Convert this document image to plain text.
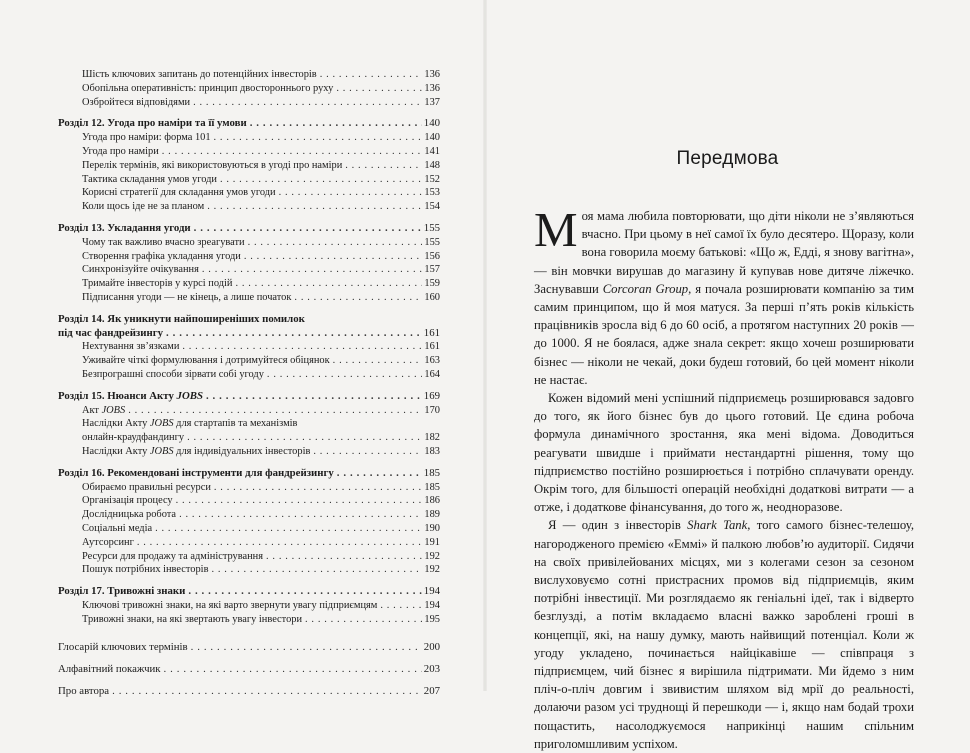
Шість ключових запитань до потенційних інвесторів . . .	136
Обопільна оперативність: принцип двостороннього руху . . .	136
Озбройтеся відповідями . . .	137
Розділ 12. Угода про наміри та її умови . . .	140
Угода про наміри: форма 101 . . .	140
Угода про наміри . . .	141
Перелік термінів, які використовуються в угоді про наміри . . .	148
Тактика складання умов угоди . . .	152
Корисні стратегії для складання умов угоди . . .	153
Коли щось іде не за планом . . .	154
Розділ 13. Укладання угоди . . .	155
Чому так важливо вчасно зреагувати . . .	155
Створення графіка укладання угоди . . .	156
Синхронізуйте очікування . . .	157
Тримайте інвесторів у курсі подій . . .	159
Підписання угоди — не кінець, а лише початок . . .	160
Розділ 14. Як уникнути найпоширеніших помилок
під час фандрейзингу . . .	161
Нехтування зв’язками . . .	161
Уживайте чіткі формулювання і дотримуйтеся обіцянок . . .	163
Безпрограшні способи зірвати собі угоду . . .	164
Розділ 15. Нюанси Акту JOBS . . .	169
Акт JOBS . . .	170
Наслідки Акту JOBS для стартапів та механізмів
онлайн-краудфандингу . . .	182
Наслідки Акту JOBS для індивідуальних інвесторів . . .	183
Розділ 16. Рекомендовані інструменти для фандрейзингу . . .	185
Обираємо правильні ресурси . . .	185
Організація процесу . . .	186
Дослідницька робота . . .	189
Соціальні медіа . . .	190
Аутсорсинг . . .	191
Ресурси для продажу та адміністрування . . .	192
Пошук потрібних інвесторів . . .	192
Розділ 17. Тривожні знаки . . .	194
Ключові тривожні знаки, на які варто звернути увагу підприємцям . . .	194
Тривожні знаки, на які звертають увагу інвестори . . .	195
Глосарій ключових термінів . . .	200
Алфавітний покажчик . . .	203
Про автора . . .	207
Передмова

Моя мама любила повторювати, що діти ніколи не з’являються вчасно. При цьому в неї самої їх було десятеро. Щоразу, коли вона говорила моєму батькові: «Що ж, Едді, я знову вагітна»,— він мовчки вирушав до магазину й купував нове дитяче ліжечко. Заснувавши Corcoran Group, я почала розширювати компанію за тим самим принципом, що й моя матуся. За перші п’ять років кількість працівників зросла від 6 до 60 осіб, а протягом наступних 20 років — до 1000. Я не боялася, адже знала секрет: якщо хочеш розширювати бізнес — ніколи не чекай, доки будеш готовий, бо цей момент ніколи не настає.

Кожен відомий мені успішний підприємець розширювався задовго до того, як його бізнес був до цього готовий. Це єдина робоча формула динамічного зростання, яка мені відома. Доводиться реагувати швидше і приймати нестандартні рішення, тому що підприємство постійно розширюється і потрібно сплачувати оренду. Окрім того, для більшості операцій необхідні додаткові витрати — а отже, і додаткове фінансування, до того ж, неодноразове.

Я — один з інвесторів Shark Tank, того самого бізнес-телешоу, нагородженого премією «Еммі» й палкою любов’ю аудиторії. Сидячи на своїх привілейованих місцях, ми з колегами сезон за сезоном вислуховуємо сотні пристрасних промов від підприємців, яким потрібні інвестиції. Ми розглядаємо як геніальні ідеї, так і відверто безглузді, а потім вкладаємо власні важко зароблені гроші в концепції, які, на нашу думку, мають найвищий потенціал. Коли ж угоду укладено, починається найцікавіше — співпраця з підприємцем, чий бізнес я вирішила підтримати. Ми йдемо з ним пліч-о-пліч довгим і звивистим шляхом від мрії до реальності, долаючи разом усі труднощі й перешкоди — і, якщо нам бодай трохи пощастить, насолоджуємося наприкінці нашим спільним приголомшливим успіхом.
